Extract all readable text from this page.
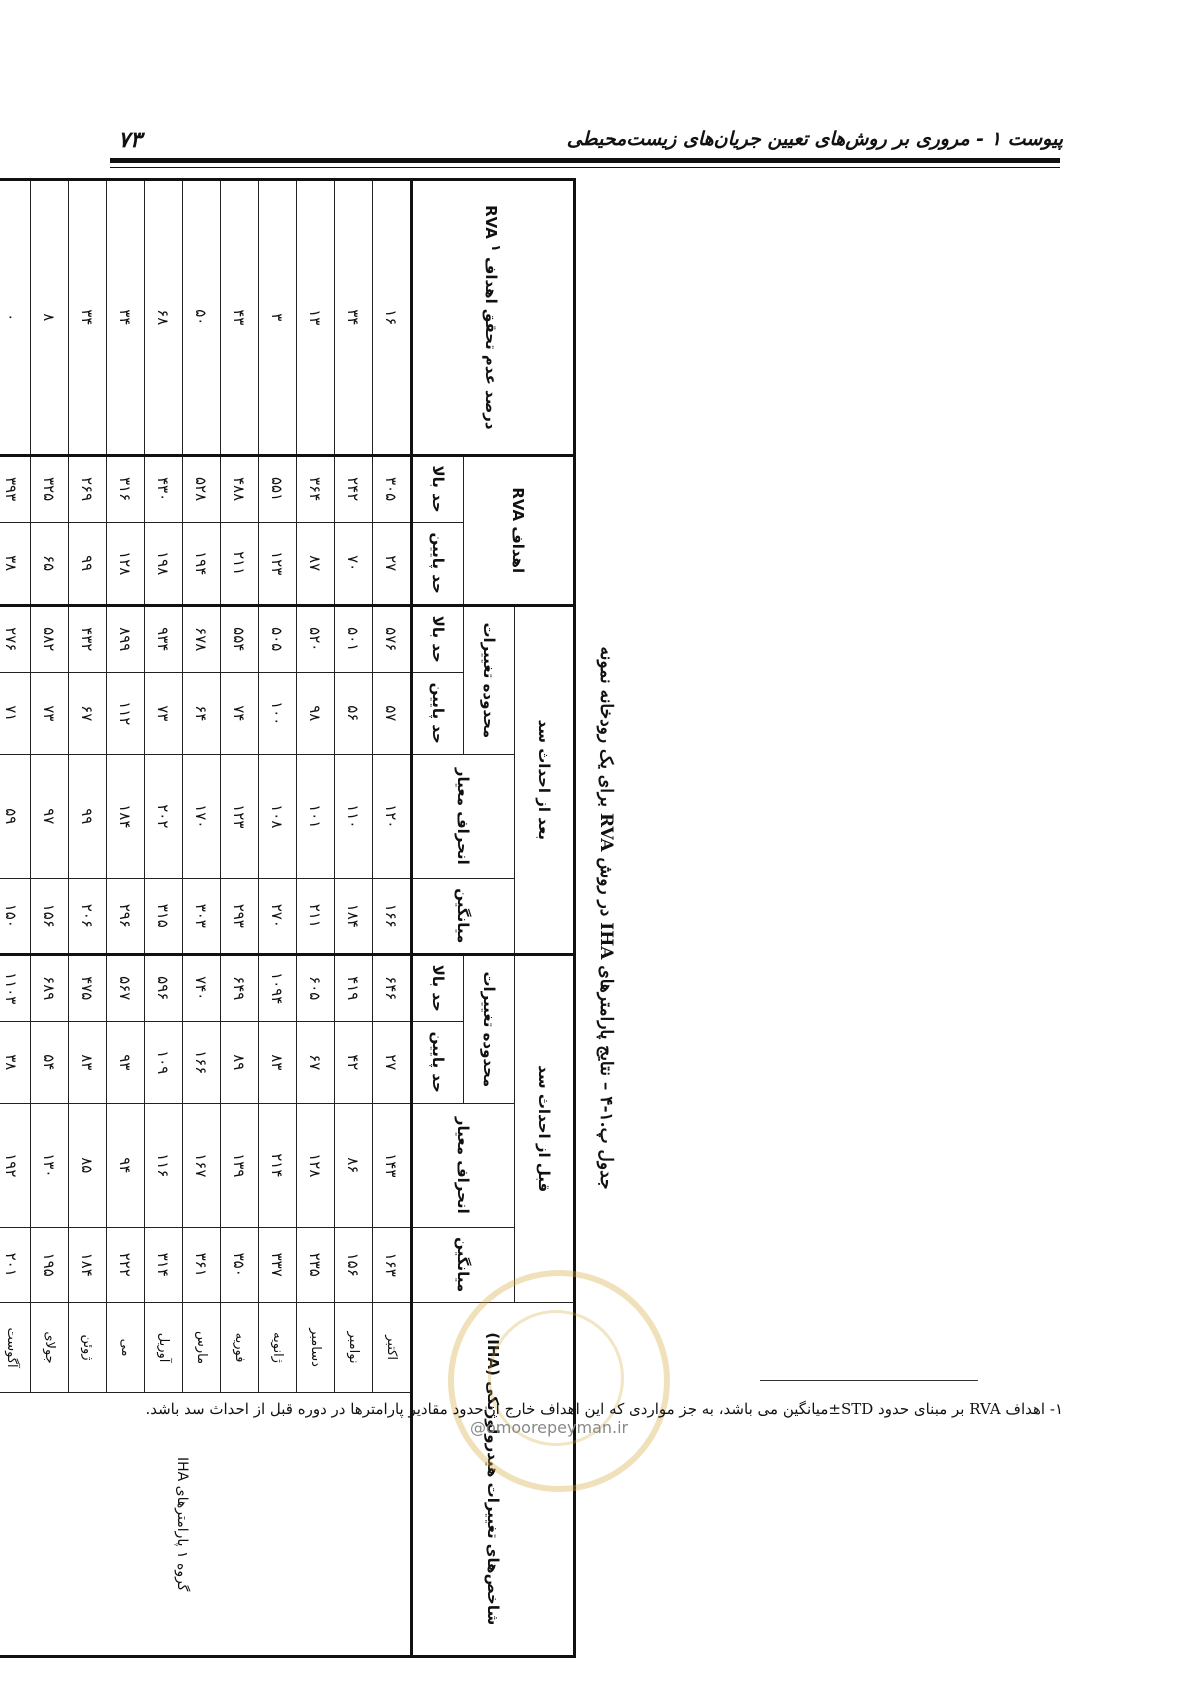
پیوست ۱ - مروری بر روش‌های تعیین جریان‌های زیست‌محیطی
۷۳
جدول پ.۱-۴ – نتایج پارامترهای IHA در روش RVA برای یک رودخانه نمونه
شاخص‌های تغییرات هیدرولوژیکی (IHA)		قبل از احداث سد				بعد از احداث سد				اهداف RVA		درصد عدم تحقق اهداف RVA $^۱$
		میانگین	انحراف معیار	محدوده تغییرات		میانگین	انحراف معیار	محدوده تغییرات				
				حد پایین	حد بالا			حد پایین	حد بالا	حد پایین	حد بالا	
گروه ۱ پارامترهای IHA	اکتبر	۱۶۳	۱۴۳	۲۷	۶۴۶	۱۶۶	۱۲۰	۵۷	۵۷۶	۲۷	۳۰۵	۱۶
	نوامبر	۱۵۶	۸۶	۴۲	۴۱۹	۱۸۴	۱۱۰	۵۶	۵۰۱	۷۰	۲۴۲	۳۴
	دسامبر	۲۳۵	۱۲۸	۶۷	۶۰۵	۲۱۱	۱۰۱	۹۸	۵۲۰	۸۷	۳۶۴	۱۳
	ژانویه	۳۳۷	۲۱۴	۸۳	۱۰۹۴	۲۷۰	۱۰۸	۱۰۰	۵۰۵	۱۲۳	۵۵۱	۳
	فوریه	۳۵۰	۱۳۹	۸۹	۶۴۹	۲۹۳	۱۲۳	۷۴	۵۵۴	۲۱۱	۴۸۸	۴۳
	مارس	۳۶۱	۱۶۷	۱۶۶	۷۴۰	۳۰۳	۱۷۰	۶۴	۶۷۸	۱۹۴	۵۲۸	۵۰
	آوریل	۳۱۴	۱۱۶	۱۰۹	۵۹۶	۳۱۵	۲۰۲	۷۳	۹۳۴	۱۹۸	۴۳۰	۶۸
	می	۲۲۲	۹۴	۹۳	۵۶۷	۲۹۶	۱۸۴	۱۱۲	۸۹۹	۱۲۸	۳۱۶	۳۴
	ژوئن	۱۸۴	۸۵	۸۳	۴۷۵	۲۰۶	۹۹	۶۷	۴۳۲	۹۹	۲۶۹	۳۴
	جولای	۱۹۵	۱۳۰	۵۴	۶۸۹	۱۵۶	۹۷	۷۳	۵۸۲	۶۵	۳۲۵	۸
	آگوست	۲۰۱	۱۹۲	۳۸	۱۱۰۳	۱۵۰	۵۹	۷۱	۲۷۶	۳۸	۳۹۳	۰

۱- اهداف RVA بر مبنای حدود STD±میانگین می باشد، به جز مواردی که این اهداف خارج از حدود مقادیر پارامترها در دوره قبل از احداث سد باشد.
@omoorepeyman.ir
